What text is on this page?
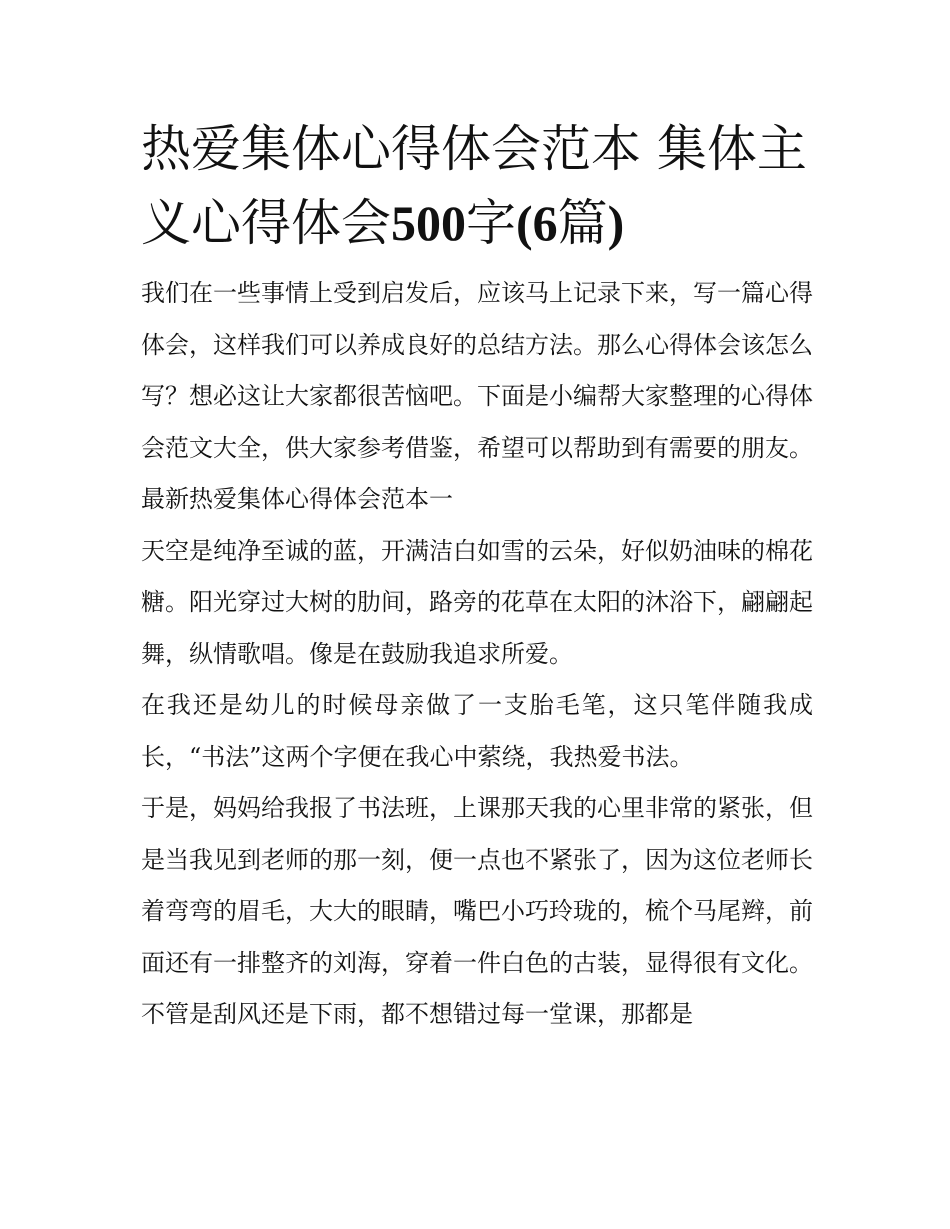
热爱集体心得体会范本 集体主义心得体会500字(6篇)

我们在一些事情上受到启发后，应该马上记录下来，写一篇心得体会，这样我们可以养成良好的总结方法。那么心得体会该怎么写？想必这让大家都很苦恼吧。下面是小编帮大家整理的心得体会范文大全，供大家参考借鉴，希望可以帮助到有需要的朋友。

最新热爱集体心得体会范本一

天空是纯净至诚的蓝，开满洁白如雪的云朵，好似奶油味的棉花糖。阳光穿过大树的肋间，路旁的花草在太阳的沐浴下，翩翩起舞，纵情歌唱。像是在鼓励我追求所爱。

在我还是幼儿的时候母亲做了一支胎毛笔，这只笔伴随我成长，“书法”这两个字便在我心中萦绕，我热爱书法。

于是，妈妈给我报了书法班，上课那天我的心里非常的紧张，但是当我见到老师的那一刻，便一点也不紧张了，因为这位老师长着弯弯的眉毛，大大的眼睛，嘴巴小巧玲珑的，梳个马尾辫，前面还有一排整齐的刘海，穿着一件白色的古装，显得很有文化。不管是刮风还是下雨，都不想错过每一堂课，那都是
